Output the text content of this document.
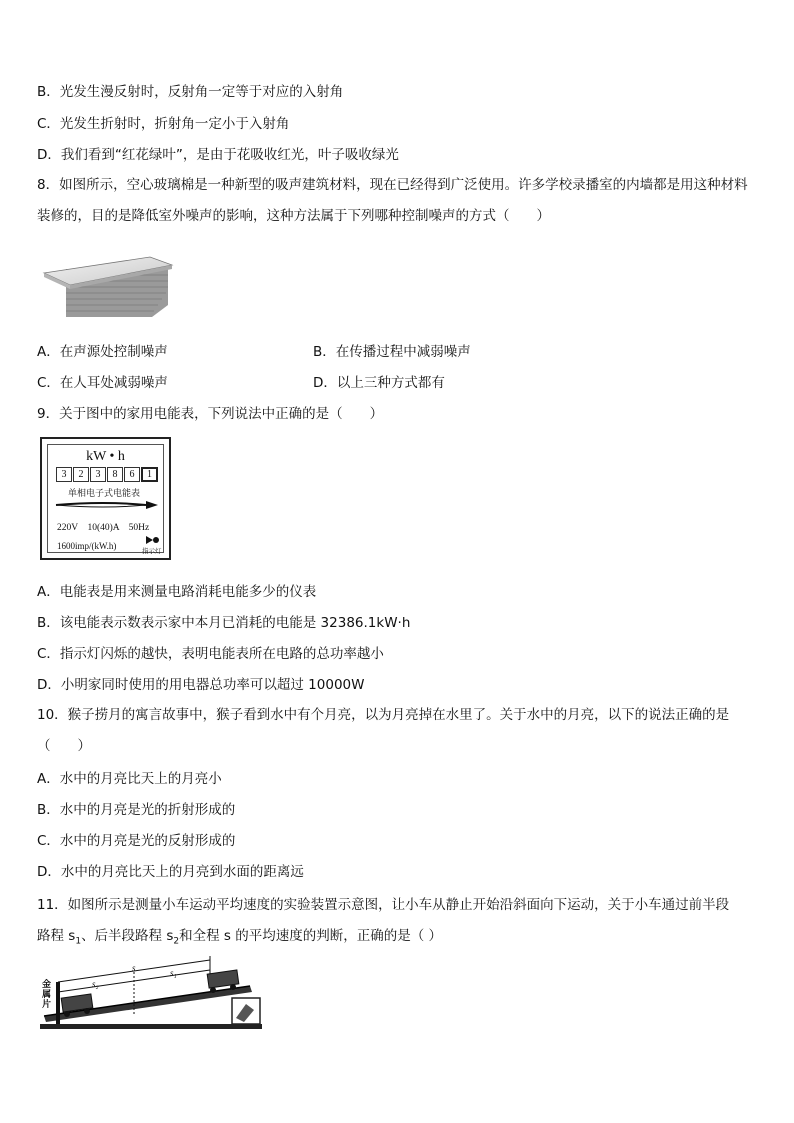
B．光发生漫反射时，反射角一定等于对应的入射角
C．光发生折射时，折射角一定小于入射角
D．我们看到“红花绿叶”，是由于花吸收红光，叶子吸收绿光
8．如图所示，空心玻璃棉是一种新型的吸声建筑材料，现在已经得到广泛使用。许多学校录播室的内墙都是用这种材料装修的，目的是降低室外噪声的影响，这种方法属于下列哪种控制噪声的方式（　　）
A．在声源处控制噪声	B．在传播过程中减弱噪声
C．在人耳处减弱噪声	D．以上三种方式都有
9．关于图中的家用电能表，下列说法中正确的是（　　）
kW • h
3	2	3	8	6	1
单相电子式电能表
220V　10(40)A　50Hz
1600imp/(kW.h)	指示灯
A．电能表是用来测量电路消耗电能多少的仪表
B．该电能表示数表示家中本月已消耗的电能是 32386.1kW·h
C．指示灯闪烁的越快，表明电能表所在电路的总功率越小
D．小明家同时使用的用电器总功率可以超过 10000W
10．猴子捞月的寓言故事中，猴子看到水中有个月亮，以为月亮掉在水里了。关于水中的月亮，以下的说法正确的是（　　）
A．水中的月亮比天上的月亮小
B．水中的月亮是光的折射形成的
C．水中的月亮是光的反射形成的
D．水中的月亮比天上的月亮到水面的距离远
11．如图所示是测量小车运动平均速度的实验装置示意图，让小车从静止开始沿斜面向下运动，关于小车通过前半段
路程 $s_1$、后半段路程 $s_2$和全程 s 的平均速度的判断，正确的是（ ）
s
s₂
s₁
金属片
